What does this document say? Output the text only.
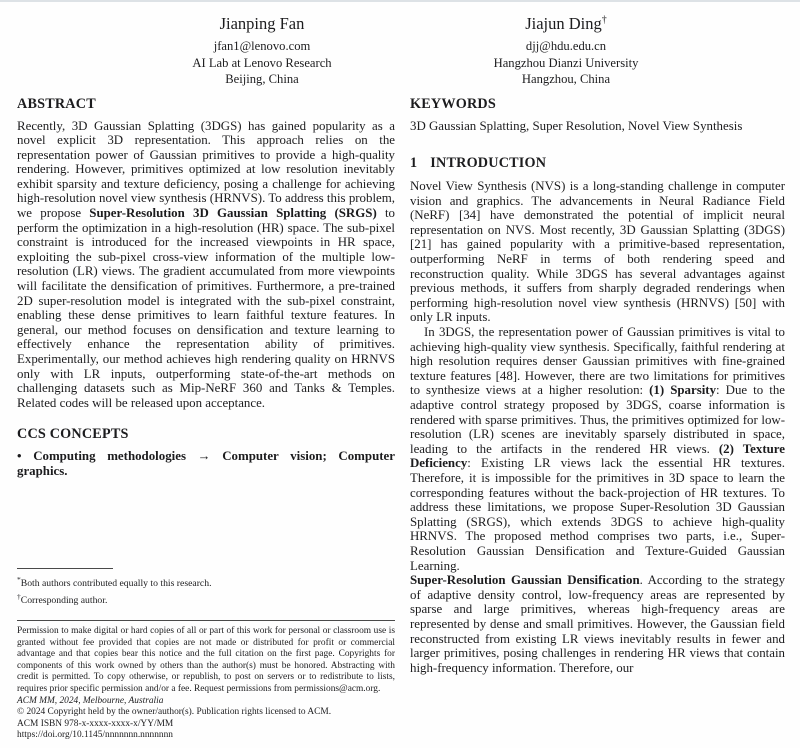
Jianping Fan
jfan1@lenovo.com
AI Lab at Lenovo Research
Beijing, China
Jiajun Ding†
djj@hdu.edu.cn
Hangzhou Dianzi University
Hangzhou, China
ABSTRACT

Recently, 3D Gaussian Splatting (3DGS) has gained popularity as a novel explicit 3D representation. This approach relies on the representation power of Gaussian primitives to provide a high-quality rendering. However, primitives optimized at low resolution inevitably exhibit sparsity and texture deficiency, posing a challenge for achieving high-resolution novel view synthesis (HRNVS). To address this problem, we propose Super-Resolution 3D Gaussian Splatting (SRGS) to perform the optimization in a high-resolution (HR) space. The sub-pixel constraint is introduced for the increased viewpoints in HR space, exploiting the sub-pixel cross-view information of the multiple low-resolution (LR) views. The gradient accumulated from more viewpoints will facilitate the densification of primitives. Furthermore, a pre-trained 2D super-resolution model is integrated with the sub-pixel constraint, enabling these dense primitives to learn faithful texture features. In general, our method focuses on densification and texture learning to effectively enhance the representation ability of primitives. Experimentally, our method achieves high rendering quality on HRNVS only with LR inputs, outperforming state-of-the-art methods on challenging datasets such as Mip-NeRF 360 and Tanks & Temples. Related codes will be released upon acceptance.

CCS CONCEPTS

• Computing methodologies → Computer vision; Computer graphics.

KEYWORDS

3D Gaussian Splatting, Super Resolution, Novel View Synthesis

1 INTRODUCTION

Novel View Synthesis (NVS) is a long-standing challenge in computer vision and graphics. The advancements in Neural Radiance Field (NeRF) [34] have demonstrated the potential of implicit neural representation on NVS. Most recently, 3D Gaussian Splatting (3DGS) [21] has gained popularity with a primitive-based representation, outperforming NeRF in terms of both rendering speed and reconstruction quality. While 3DGS has several advantages against previous methods, it suffers from sharply degraded renderings when performing high-resolution novel view synthesis (HRNVS) [50] with only LR inputs.

In 3DGS, the representation power of Gaussian primitives is vital to achieving high-quality view synthesis. Specifically, faithful rendering at high resolution requires denser Gaussian primitives with fine-grained texture features [48]. However, there are two limitations for primitives to synthesize views at a higher resolution: (1) Sparsity: Due to the adaptive control strategy proposed by 3DGS, coarse information is rendered with sparse primitives. Thus, the primitives optimized for low-resolution (LR) scenes are inevitably sparsely distributed in space, leading to the artifacts in the rendered HR views. (2) Texture Deficiency: Existing LR views lack the essential HR textures. Therefore, it is impossible for the primitives in 3D space to learn the corresponding features without the back-projection of HR textures. To address these limitations, we propose Super-Resolution 3D Gaussian Splatting (SRGS), which extends 3DGS to achieve high-quality HRNVS. The proposed method comprises two parts, i.e., Super-Resolution Gaussian Densification and Texture-Guided Gaussian Learning.

Super-Resolution Gaussian Densification. According to the strategy of adaptive density control, low-frequency areas are represented by sparse and large primitives, whereas high-frequency areas are represented by dense and small primitives. However, the Gaussian field reconstructed from existing LR views inevitably results in fewer and larger primitives, posing challenges in rendering HR views that contain high-frequency information. Therefore, our

*Both authors contributed equally to this research.
†Corresponding author.

Permission to make digital or hard copies of all or part of this work for personal or classroom use is granted without fee provided that copies are not made or distributed for profit or commercial advantage and that copies bear this notice and the full citation on the first page. Copyrights for components of this work owned by others than the author(s) must be honored. Abstracting with credit is permitted. To copy otherwise, or republish, to post on servers or to redistribute to lists, requires prior specific permission and/or a fee. Request permissions from permissions@acm.org.

ACM MM, 2024, Melbourne, Australia

© 2024 Copyright held by the owner/author(s). Publication rights licensed to ACM.

ACM ISBN 978-x-xxxx-xxxx-x/YY/MM

https://doi.org/10.1145/nnnnnnn.nnnnnnn
